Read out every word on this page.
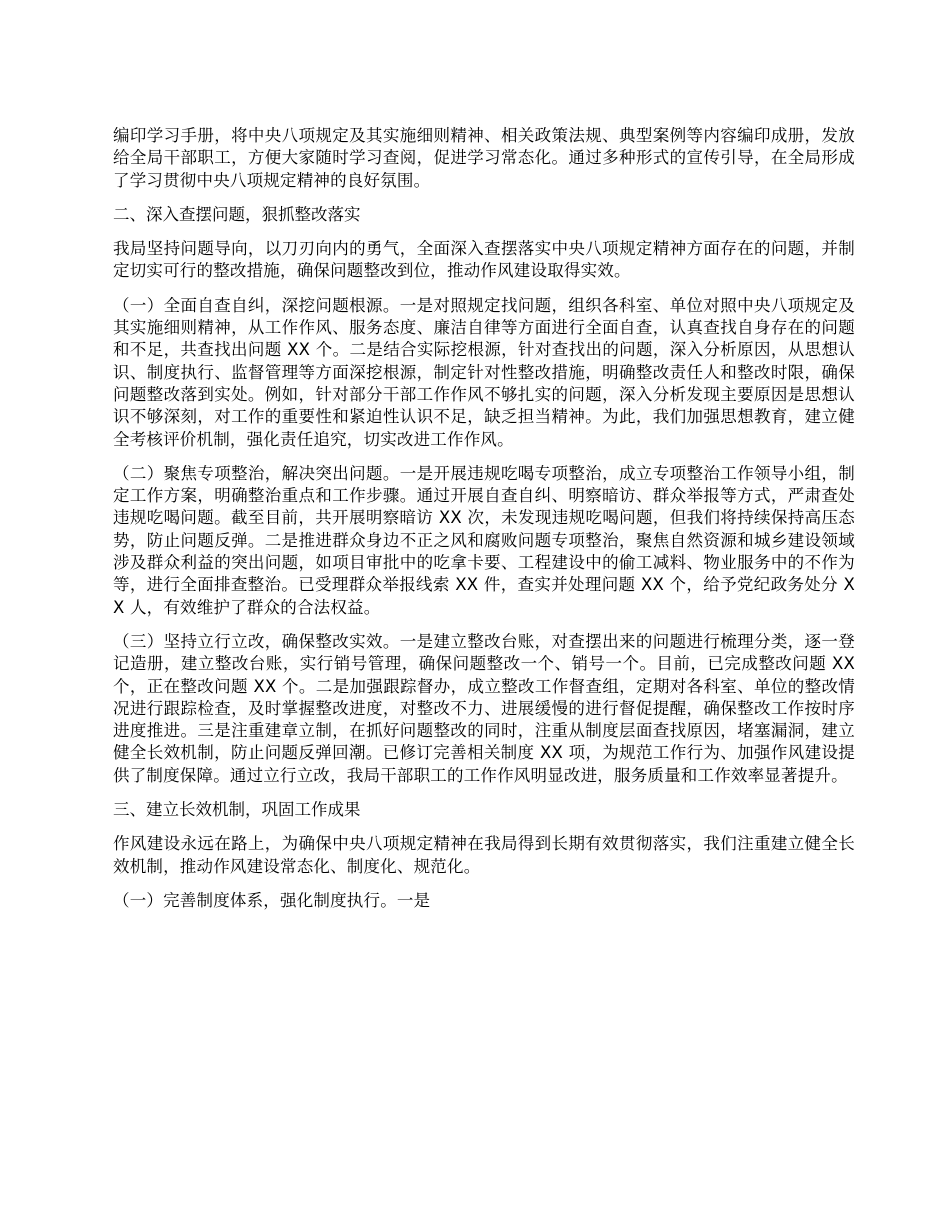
编印学习手册，将中央八项规定及其实施细则精神、相关政策法规、典型案例等内容编印成册，发放给全局干部职工，方便大家随时学习查阅，促进学习常态化。通过多种形式的宣传引导，在全局形成了学习贯彻中央八项规定精神的良好氛围。

二、深入查摆问题，狠抓整改落实

我局坚持问题导向，以刀刃向内的勇气，全面深入查摆落实中央八项规定精神方面存在的问题，并制定切实可行的整改措施，确保问题整改到位，推动作风建设取得实效。

（一）全面自查自纠，深挖问题根源。一是对照规定找问题，组织各科室、单位对照中央八项规定及其实施细则精神，从工作作风、服务态度、廉洁自律等方面进行全面自查，认真查找自身存在的问题和不足，共查找出问题 XX 个。二是结合实际挖根源，针对查找出的问题，深入分析原因，从思想认识、制度执行、监督管理等方面深挖根源，制定针对性整改措施，明确整改责任人和整改时限，确保问题整改落到实处。例如，针对部分干部工作作风不够扎实的问题，深入分析发现主要原因是思想认识不够深刻，对工作的重要性和紧迫性认识不足，缺乏担当精神。为此，我们加强思想教育，建立健全考核评价机制，强化责任追究，切实改进工作作风。

（二）聚焦专项整治，解决突出问题。一是开展违规吃喝专项整治，成立专项整治工作领导小组，制定工作方案，明确整治重点和工作步骤。通过开展自查自纠、明察暗访、群众举报等方式，严肃查处违规吃喝问题。截至目前，共开展明察暗访 XX 次，未发现违规吃喝问题，但我们将持续保持高压态势，防止问题反弹。二是推进群众身边不正之风和腐败问题专项整治，聚焦自然资源和城乡建设领域涉及群众利益的突出问题，如项目审批中的吃拿卡要、工程建设中的偷工减料、物业服务中的不作为等，进行全面排查整治。已受理群众举报线索 XX 件，查实并处理问题 XX 个，给予党纪政务处分 XX 人，有效维护了群众的合法权益。

（三）坚持立行立改，确保整改实效。一是建立整改台账，对查摆出来的问题进行梳理分类，逐一登记造册，建立整改台账，实行销号管理，确保问题整改一个、销号一个。目前，已完成整改问题 XX 个，正在整改问题 XX 个。二是加强跟踪督办，成立整改工作督查组，定期对各科室、单位的整改情况进行跟踪检查，及时掌握整改进度，对整改不力、进展缓慢的进行督促提醒，确保整改工作按时序进度推进。三是注重建章立制，在抓好问题整改的同时，注重从制度层面查找原因，堵塞漏洞，建立健全长效机制，防止问题反弹回潮。已修订完善相关制度 XX 项，为规范工作行为、加强作风建设提供了制度保障。通过立行立改，我局干部职工的工作作风明显改进，服务质量和工作效率显著提升。

三、建立长效机制，巩固工作成果

作风建设永远在路上，为确保中央八项规定精神在我局得到长期有效贯彻落实，我们注重建立健全长效机制，推动作风建设常态化、制度化、规范化。

（一）完善制度体系，强化制度执行。一是
